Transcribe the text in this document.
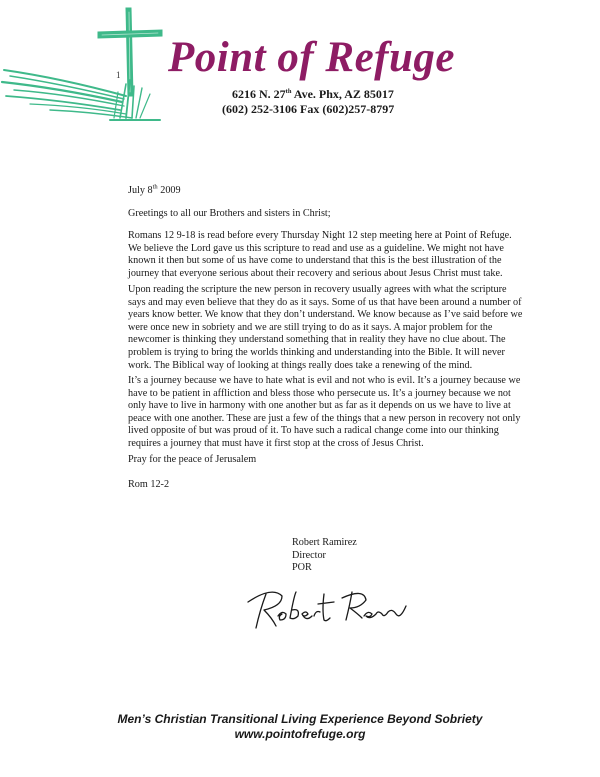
1 Point of Refuge
6216 N. 27th Ave. Phx, AZ 85017
(602) 252-3106 Fax (602)257-8797
July 8th 2009
Greetings to all our Brothers and sisters in Christ;
Romans 12 9-18 is read before every Thursday Night 12 step meeting here at Point of Refuge. We believe the Lord gave us this scripture to read and use as a guideline. We might not have known it then but some of us have come to understand that this is the best illustration of the journey that everyone serious about their recovery and serious about Jesus Christ must take.
Upon reading the scripture the new person in recovery usually agrees with what the scripture says and may even believe that they do as it says. Some of us that have been around a number of years know better. We know that they don’t understand. We know because as I’ve said before we were once new in sobriety and we are still trying to do as it says. A major problem for the newcomer is thinking they understand something that in reality they have no clue about. The problem is trying to bring the worlds thinking and understanding into the Bible. It will never work. The Biblical way of looking at things really does take a renewing of the mind.
It’s a journey because we have to hate what is evil and not who is evil. It’s a journey because we have to be patient in affliction and bless those who persecute us. It’s a journey because we not only have to live in harmony with one another but as far as it depends on us we have to live at peace with one another. These are just a few of the things that a new person in recovery not only lived opposite of but was proud of it. To have such a radical change come into our thinking requires a journey that must have it first stop at the cross of Jesus Christ.
Pray for the peace of Jerusalem
Rom 12-2
Robert Ramirez
Director
POR
Men’s Christian Transitional Living Experience Beyond Sobriety
www.pointofrefuge.org
